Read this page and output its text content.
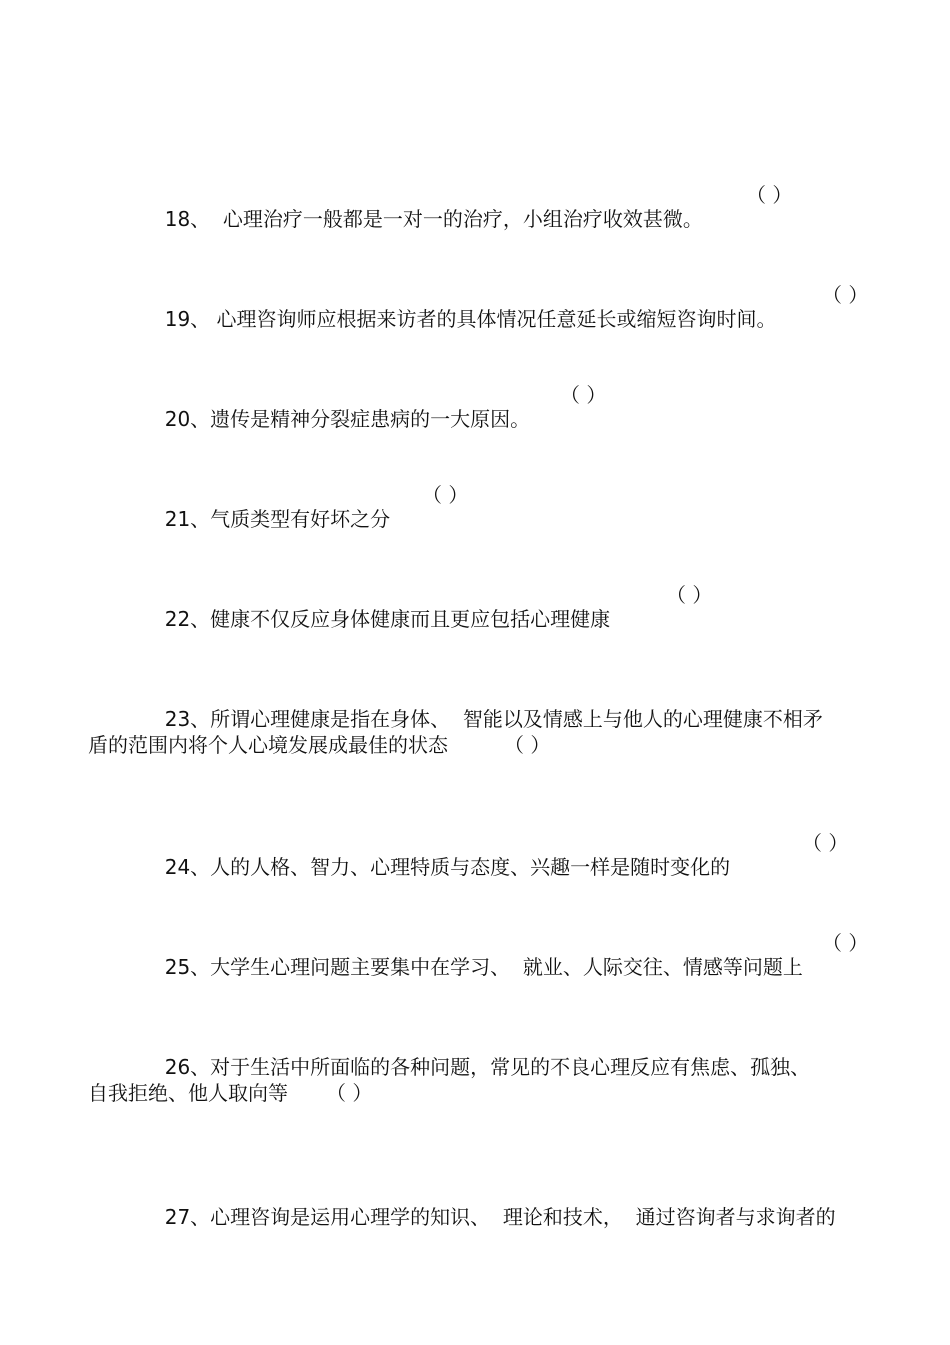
18、  心理治疗一般都是一对一的治疗，小组治疗收效甚微。

（ ）

19、 心理咨询师应根据来访者的具体情况任意延长或缩短咨询时间。

（ ）

20、遗传是精神分裂症患病的一大原因。

（ ）

21、气质类型有好坏之分

（ ）

22、健康不仅反应身体健康而且更应包括心理健康

（ ）

23、所谓心理健康是指在身体、  智能以及情感上与他人的心理健康不相矛

盾的范围内将个人心境发展成最佳的状态	（ ）

24、人的人格、智力、心理特质与态度、兴趣一样是随时变化的

（ ）

25、大学生心理问题主要集中在学习、  就业、人际交往、情感等问题上

（ ）

26、对于生活中所面临的各种问题，常见的不良心理反应有焦虑、孤独、

自我拒绝、他人取向等 （ ）

27、心理咨询是运用心理学的知识、  理论和技术，  通过咨询者与求询者的
